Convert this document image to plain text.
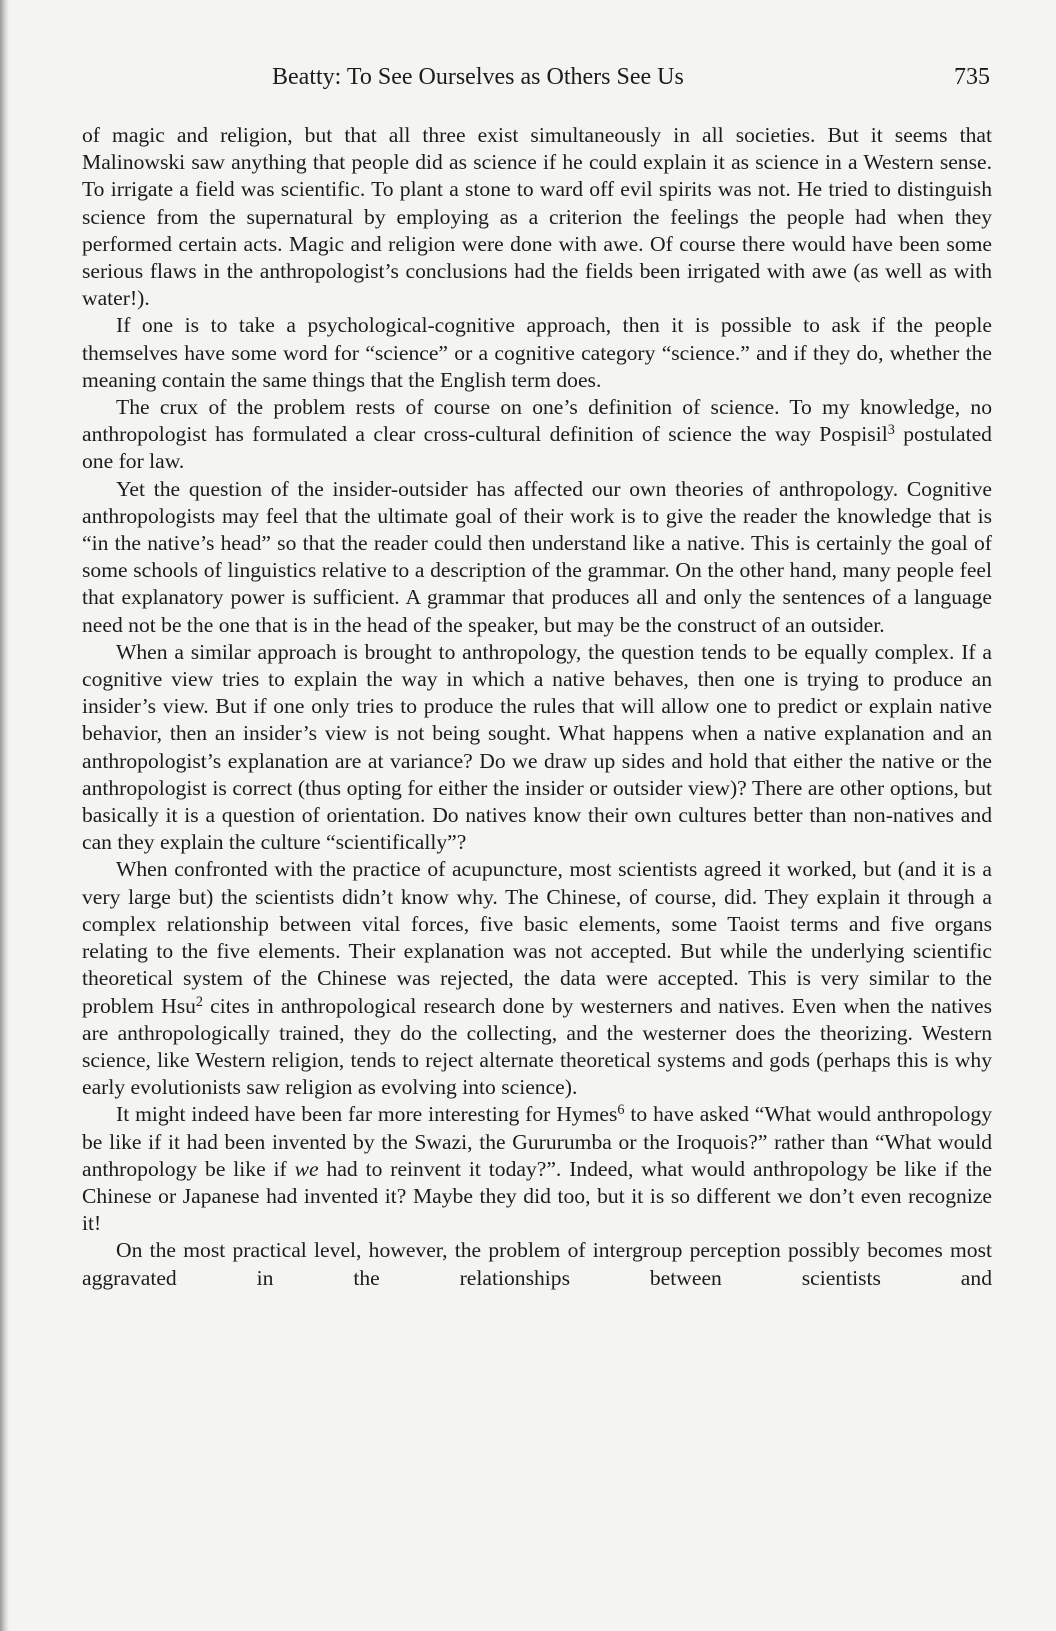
Beatty: To See Ourselves as Others See Us	735

of magic and religion, but that all three exist simultaneously in all societies. But it seems that Malinowski saw anything that people did as science if he could explain it as science in a Western sense. To irrigate a field was scientific. To plant a stone to ward off evil spirits was not. He tried to distinguish science from the supernatural by employing as a criterion the feelings the people had when they performed certain acts. Magic and religion were done with awe. Of course there would have been some serious flaws in the anthropologist’s conclusions had the fields been irrigated with awe (as well as with water!).

If one is to take a psychological-cognitive approach, then it is possible to ask if the people themselves have some word for “science” or a cognitive category “science.” and if they do, whether the meaning contain the same things that the English term does.

The crux of the problem rests of course on one’s definition of science. To my knowledge, no anthropologist has formulated a clear cross-cultural definition of science the way Pospisil$^3$ postulated one for law.

Yet the question of the insider-outsider has affected our own theories of anthropology. Cognitive anthropologists may feel that the ultimate goal of their work is to give the reader the knowledge that is “in the native’s head” so that the reader could then understand like a native. This is certainly the goal of some schools of linguistics relative to a description of the grammar. On the other hand, many people feel that explanatory power is sufficient. A grammar that produces all and only the sentences of a language need not be the one that is in the head of the speaker, but may be the construct of an outsider.

When a similar approach is brought to anthropology, the question tends to be equally complex. If a cognitive view tries to explain the way in which a native behaves, then one is trying to produce an insider’s view. But if one only tries to produce the rules that will allow one to predict or explain native behavior, then an insider’s view is not being sought. What happens when a native explanation and an anthropologist’s explanation are at variance? Do we draw up sides and hold that either the native or the anthropologist is correct (thus opting for either the insider or outsider view)? There are other options, but basically it is a question of orientation. Do natives know their own cultures better than non-natives and can they explain the culture “scientifically”?

When confronted with the practice of acupuncture, most scientists agreed it worked, but (and it is a very large but) the scientists didn’t know why. The Chinese, of course, did. They explain it through a complex relationship between vital forces, five basic elements, some Taoist terms and five organs relating to the five elements. Their explanation was not accepted. But while the underlying scientific theoretical system of the Chinese was rejected, the data were accepted. This is very similar to the problem Hsu$^2$ cites in anthropological research done by westerners and natives. Even when the natives are anthropologically trained, they do the collecting, and the westerner does the theorizing. Western science, like Western religion, tends to reject alternate theoretical systems and gods (perhaps this is why early evolutionists saw religion as evolving into science).

It might indeed have been far more interesting for Hymes$^6$ to have asked “What would anthropology be like if it had been invented by the Swazi, the Gururumba or the Iroquois?” rather than “What would anthropology be like if we had to reinvent it today?”. Indeed, what would anthropology be like if the Chinese or Japanese had invented it? Maybe they did too, but it is so different we don’t even recognize it!

On the most practical level, however, the problem of intergroup perception possibly becomes most aggravated in the relationships between scientists and
